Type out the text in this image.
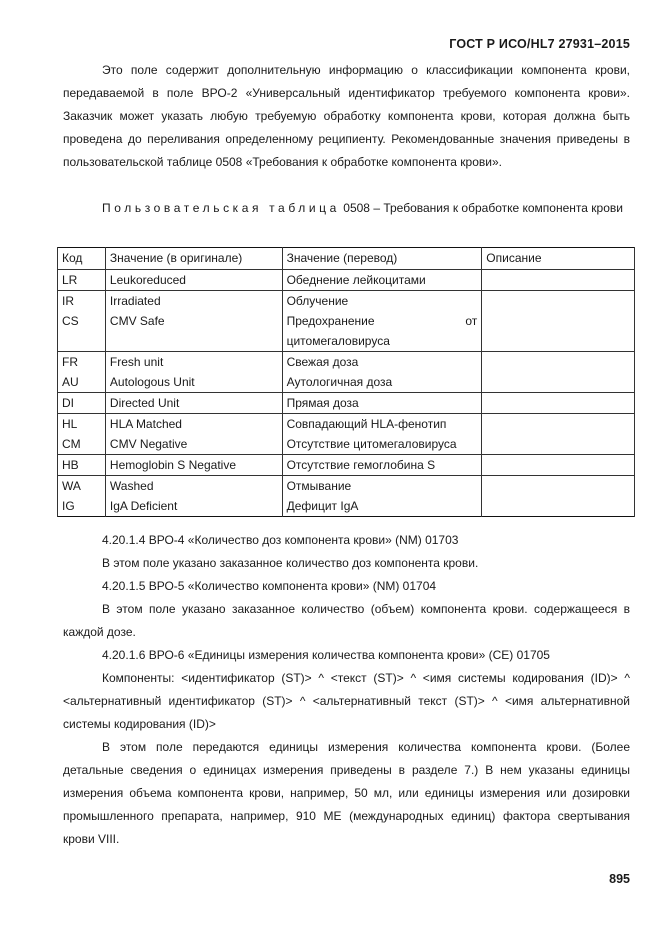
ГОСТ Р ИСО/HL7 27931–2015

Это поле содержит дополнительную информацию о классификации компонента крови, передаваемой в поле ВРО-2 «Универсальный идентификатор требуемого компонента крови». Заказчик может указать любую требуемую обработку компонента крови, которая должна быть проведена до переливания определенному реципиенту. Рекомендованные значения приведены в пользовательской таблице 0508 «Требования к обработке компонента крови».

Пользовательская таблица 0508 – Требования к обработке компонента крови

Код	Значение (в оригинале)	Значение (перевод)	Описание
LR	Leukoreduced	Обеднение лейкоцитами	
IR	Irradiated	Облучение	
CS	CMV Safe	Предохранение от цитомегаловируса	

FR	Fresh unit	Свежая доза	
AU	Autologous Unit	Аутологичная доза	
DI	Directed Unit	Прямая доза	
HL	HLA Matched	Совпадающий HLA-фенотип	
CM	CMV Negative	Отсутствие цитомегаловируса	
HB	Hemoglobin S Negative	Отсутствие гемоглобина S	
WA	Washed	Отмывание	
IG	IgA Deficient	Дефицит IgA	

4.20.1.4 ВРО-4 «Количество доз компонента крови» (NM) 01703

В этом поле указано заказанное количество доз компонента крови.

4.20.1.5 ВРО-5 «Количество компонента крови» (NM) 01704

В этом поле указано заказанное количество (объем) компонента крови. содержащееся в каждой дозе.

4.20.1.6 ВРО-6 «Единицы измерения количества компонента крови» (СЕ) 01705

Компоненты: <идентификатор (ST)> ^ <текст (ST)> ^ <имя системы кодирования (ID)> ^ <альтернативный идентификатор (ST)> ^ <альтернативный текст (ST)> ^ <имя альтернативной системы кодирования (ID)>

В этом поле передаются единицы измерения количества компонента крови. (Более детальные сведения о единицах измерения приведены в разделе 7.) В нем указаны единицы измерения объема компонента крови, например, 50 мл, или единицы измерения или дозировки промышленного препарата, например, 910 МЕ (международных единиц) фактора свертывания крови VIII.

895
